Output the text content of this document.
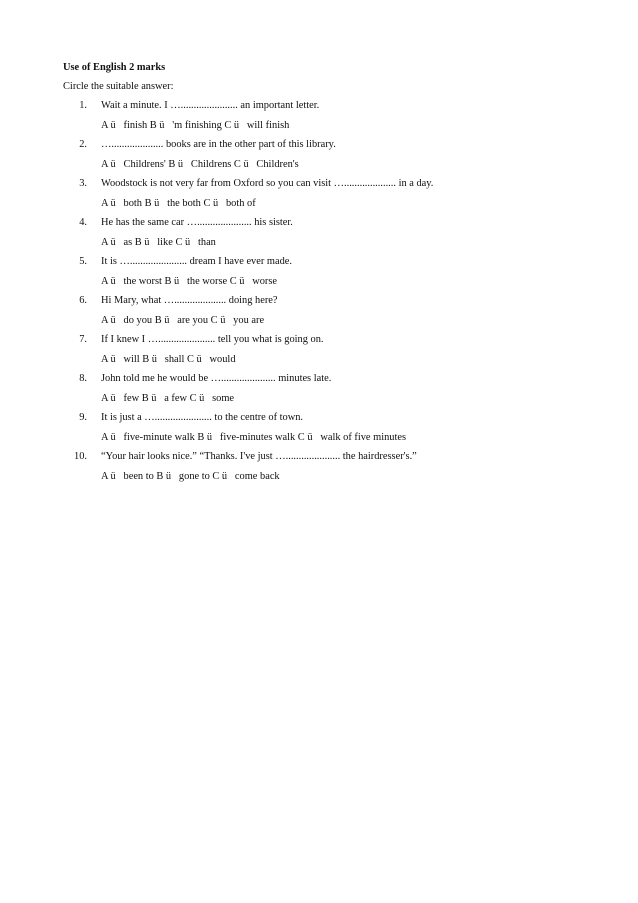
Use of English 2 marks
Circle the suitable answer:
1. Wait a minute. I …...................... an important letter.
A ü   finish B ü   'm finishing C ü   will finish
2. ….................... books are in the other part of this library.
A ü   Childrens' B ü   Childrens C ü   Children's
3. Woodstock is not very far from Oxford so you can visit ….................... in a day.
A ü   both B ü   the both C ü   both of
4. He has the same car …..................... his sister.
A ü   as B ü   like C ü   than
5. It is …...................... dream I have ever made.
A ü   the worst B ü   the worse C ü   worse
6. Hi Mary, what ….................... doing here?
A ü   do you B ü   are you C ü   you are
7. If I knew I …...................... tell you what is going on.
A ü   will B ü   shall C ü   would
8. John told me he would be …..................... minutes late.
A ü   few B ü   a few C ü   some
9. It is just a …...................... to the centre of town.
A ü   five-minute walk B ü   five-minutes walk C ü   walk of five minutes
10. “Your hair looks nice.” “Thanks. I've just …..................... the hairdresser's.”
A ü   been to B ü   gone to C ü   come back
